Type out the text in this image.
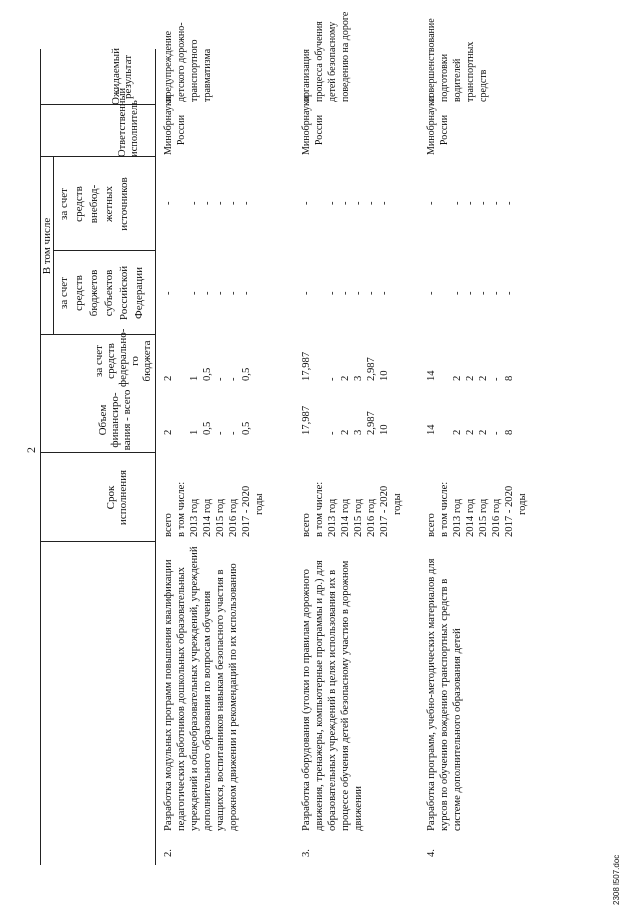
2
Срок исполнения
Объем финансиро- вания - всего
В том числе
за счет средств федерально- го бюджета
за счет средств бюджетов субъектов Российской Федерации
за счет средств внебюд- жетных источников
Ответственный исполнитель
Ожидаемый результат
2.
Разработка модульных программ повышения квалификации педагогических работников дошкольных образовательных учреждений и общеобразовательных учреждений, учреждений дополнительного образования по вопросам обучения учащихся, воспитанников навыкам безопасного участия в дорожном движении и рекомендаций по их использованию
всего в том числе: 2013 год 2014 год 2015 год 2016 год 2017 - 2020 годы
2 1 0,5 - - 0,5
2 1 0,5 - - 0,5
- - - - - -
- - - - - -
Минобрнауки России
предупреждение детского дорожно- транспортного травматизма
3.
Разработка оборудования (уголки по правилам дорожного движения, тренажеры, компьютерные программы и др.) для образовательных учреждений в целях использования их в процессе обучения детей безопасному участию в дорожном движении
всего в том числе: 2013 год 2014 год 2015 год 2016 год 2017 - 2020 годы
17,987 - 2 3 2,987 10
17,987 - 2 3 2,987 10
- - - - - -
- - - - - -
Минобрнауки России
организация процесса обучения детей безопасному поведению на дороге
4.
Разработка программ, учебно-методических материалов для курсов по обучению вождению транспортных средств в системе дополнительного образования детей
всего в том числе: 2013 год 2014 год 2015 год 2016 год 2017 - 2020 годы
14 2 2 2 - 8
14 2 2 2 - 8
- - - - - -
- - - - - -
Минобрнауки России
совершенствование подготовки водителей транспортных средств
2308 l507.doc
